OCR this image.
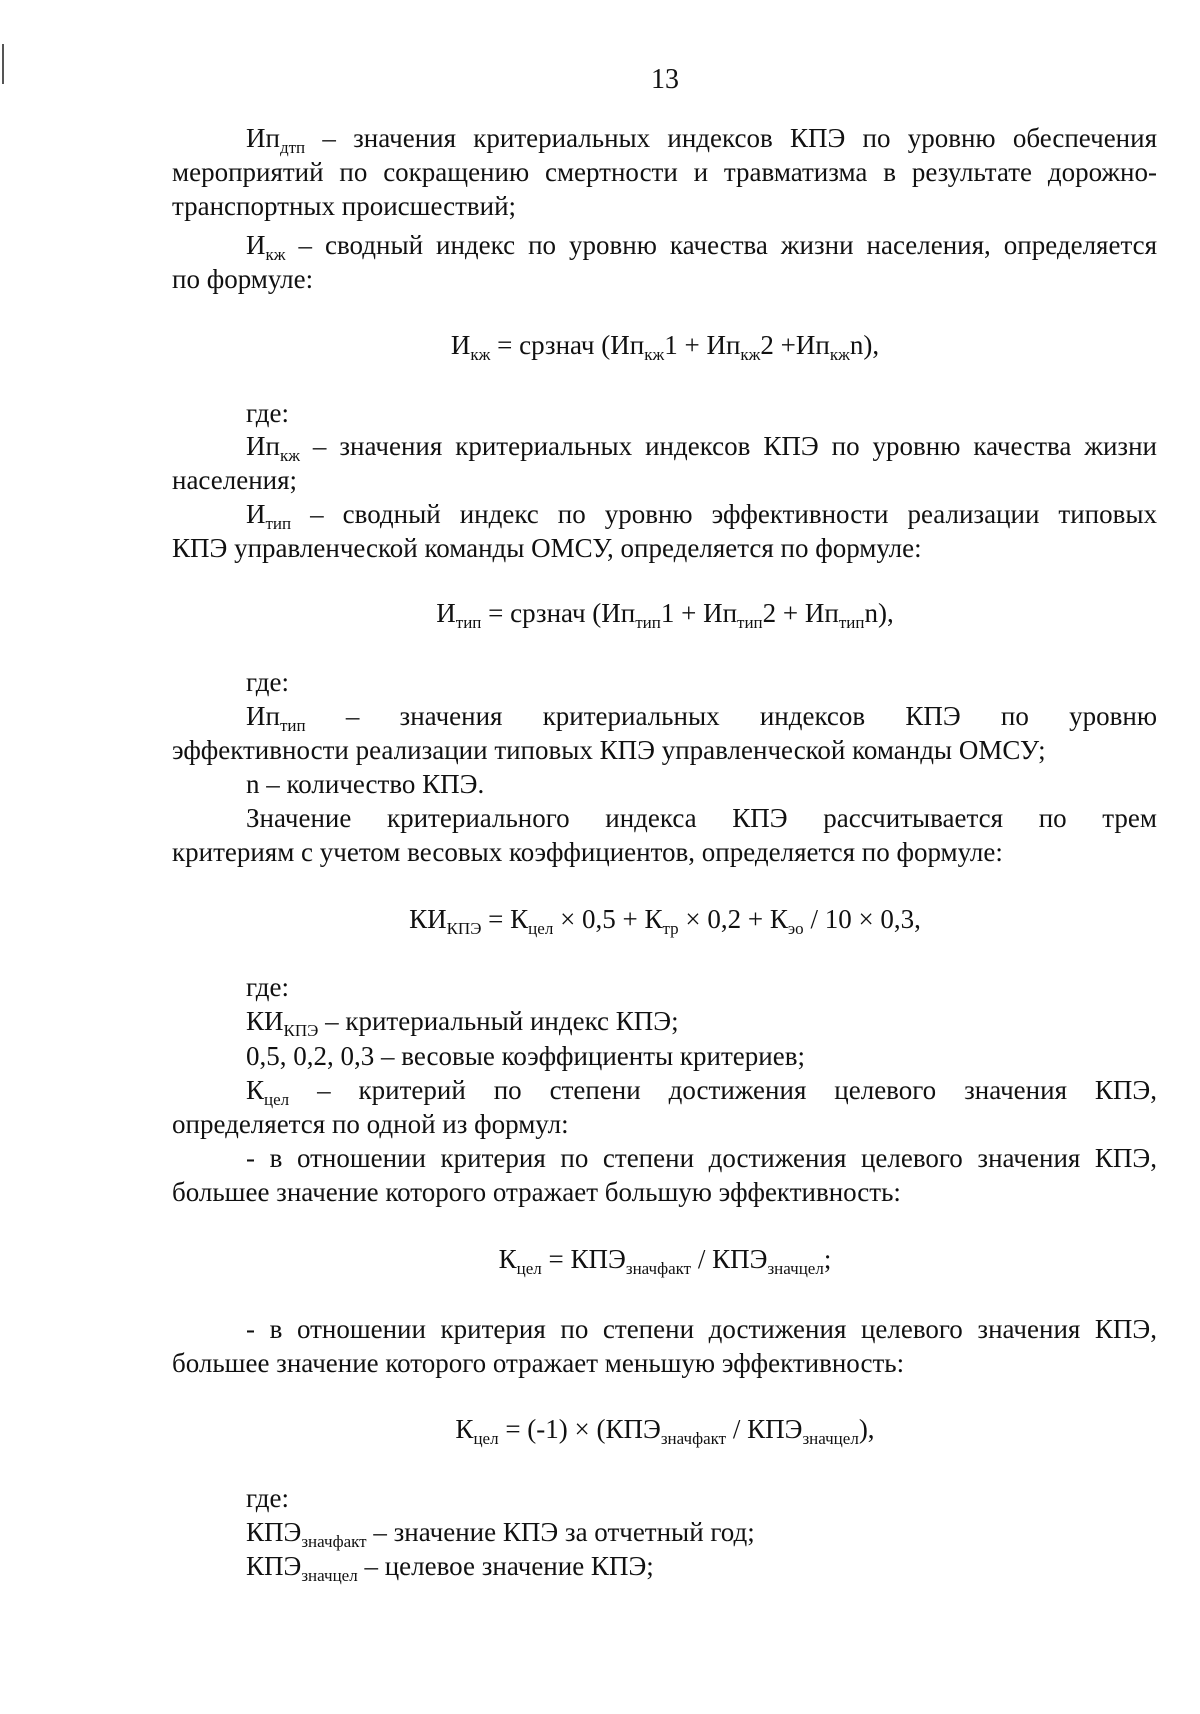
13
$Ип_{дтп}$ – значения критериальных индексов КПЭ по уровню обеспечения
мероприятий по сокращению смертности и травматизма в результате дорожно-
транспортных происшествий;
$И_{кж}$ – сводный индекс по уровню качества жизни населения, определяется
по формуле:
$И_{кж}$ = срзнач $(Ип_{кж}1 + Ип_{кж}2 +Ип_{кж}n)$,
где:
$Ип_{кж}$ – значения критериальных индексов КПЭ по уровню качества жизни
населения;
$И_{тип}$ – сводный индекс по уровню эффективности реализации типовых
КПЭ управленческой команды ОМСУ, определяется по формуле:
$И_{тип}$ = срзнач $(Ип_{тип}1 + Ип_{тип}2 + Ип_{тип}n)$,
где:
$Ип_{тип}$ – значения критериальных индексов КПЭ по уровню
эффективности реализации типовых КПЭ управленческой команды ОМСУ;
n – количество КПЭ.
Значение критериального индекса КПЭ рассчитывается по трем
критериям с учетом весовых коэффициентов, определяется по формуле:
$КИ_{КПЭ} = К_{цел} \times 0,5 + К_{тр} \times 0,2 + К_{эо} / 10 \times 0,3$,
где:
$КИ_{КПЭ}$ – критериальный индекс КПЭ;
0,5, 0,2, 0,3 – весовые коэффициенты критериев;
$К_{цел}$ – критерий по степени достижения целевого значения КПЭ,
определяется по одной из формул:
- в отношении критерия по степени достижения целевого значения КПЭ,
большее значение которого отражает большую эффективность:
$К_{цел} = КПЭ_{значфакт} / КПЭ_{значцел}$;
- в отношении критерия по степени достижения целевого значения КПЭ,
большее значение которого отражает меньшую эффективность:
$К_{цел} = (-1) \times (КПЭ_{значфакт} / КПЭ_{значцел})$,
где:
$КПЭ_{значфакт}$ – значение КПЭ за отчетный год;
$КПЭ_{значцел}$ – целевое значение КПЭ;
